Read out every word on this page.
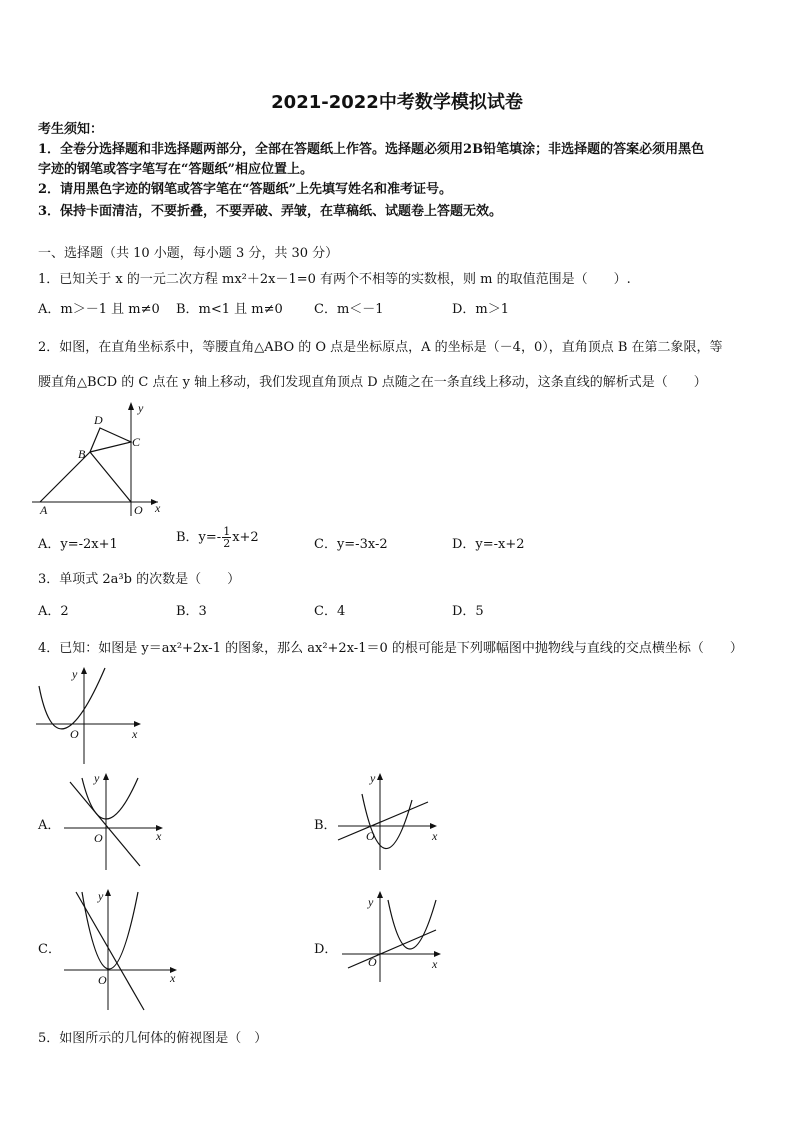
2021-2022中考数学模拟试卷
考生须知：
1．全卷分选择题和非选择题两部分，全部在答题纸上作答。选择题必须用2B铅笔填涂；非选择题的答案必须用黑色
字迹的钢笔或答字笔写在“答题纸”相应位置上。
2．请用黑色字迹的钢笔或答字笔在“答题纸”上先填写姓名和准考证号。
3．保持卡面清洁，不要折叠，不要弄破、弄皱，在草稿纸、试题卷上答题无效。
一、选择题（共 10 小题，每小题 3 分，共 30 分）
1．已知关于 x 的一元二次方程 mx²＋2x－1=0 有两个不相等的实数根，则 m 的取值范围是（　　）.
A．m＞－1 且 m≠0 B．m<1 且 m≠0 C．m＜－1	D．m＞1
2．如图，在直角坐标系中，等腰直角△ABO 的 O 点是坐标原点，A 的坐标是（－4，0），直角顶点 B 在第二象限，等
腰直角△BCD 的 C 点在 y 轴上移动，我们发现直角顶点 D 点随之在一条直线上移动，这条直线的解析式是（　　）
D
C
B
A	O x
y
A．y=-2x+1	B．$y=- \frac{1}{2} x+2$	C．y=-3x-2	D．y=-x+2
3．单项式 2a³b 的次数是（　　）
A．2	B．3	C．4	D．5
4．已知：如图是 y＝ax²+2x-1 的图象，那么 ax²+2x-1＝0 的根可能是下列哪幅图中抛物线与直线的交点横坐标（　　）
O	x
y
A．
O	x
y
B．
O	x
y
C．
O	x
y
D．
O	x
y
5．如图所示的几何体的俯视图是（　）
